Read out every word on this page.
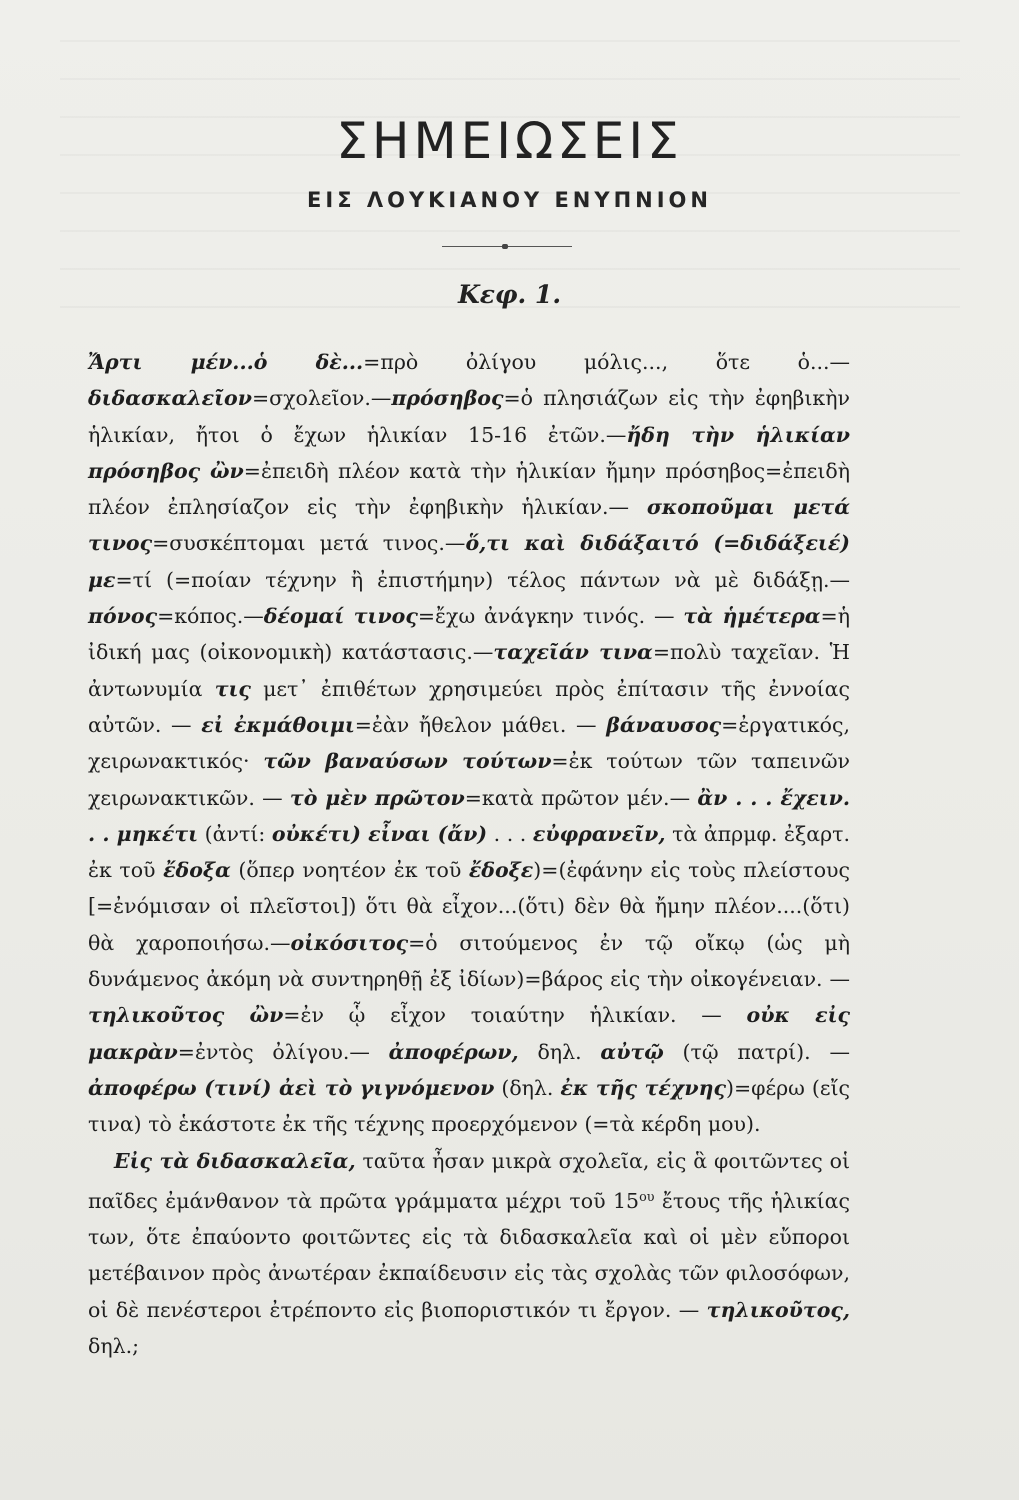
ΣΗΜΕΙΩΣΕΙΣ
ΕΙΣ ΛΟΥΚΙΑΝΟΥ ΕΝΥΠΝΙΟΝ
Κεφ. 1.

Ἄρτι μέν...ὁ δὲ...=πρὸ ὀλίγου μόλις..., ὅτε ὁ...—διδασκαλεῖον=σχολεῖον.—πρόσηβος=ὁ πλησιάζων εἰς τὴν ἐφηβικὴν ἡλικίαν, ἤτοι ὁ ἔχων ἡλικίαν 15-16 ἐτῶν.—ἤδη τὴν ἡλικίαν πρόσηβος ὢν=ἐπειδὴ πλέον κατὰ τὴν ἡλικίαν ἤμην πρόσηβος=ἐπειδὴ πλέον ἐπλησίαζον εἰς τὴν ἐφηβικὴν ἡλικίαν.— σκοποῦμαι μετά τινος=συσκέπτομαι μετά τινος.—ὅ,τι καὶ διδάξαιτό (=διδάξειέ) με=τί (=ποίαν τέχνην ἢ ἐπιστήμην) τέλος πάντων νὰ μὲ διδάξῃ.— πόνος=κόπος.—δέομαί τινος=ἔχω ἀνάγκην τινός. — τὰ ἡμέτερα=ἡ ἰδική μας (οἰκονομικὴ) κατάστασις.—ταχεῖάν τινα=πολὺ ταχεῖαν. Ἡ ἀντωνυμία τις μετ᾽ ἐπιθέτων χρησιμεύει πρὸς ἐπίτασιν τῆς ἐννοίας αὐτῶν. — εἰ ἐκμάθοιμι=ἐὰν ἤθελον μάθει. — βάναυσος=ἐργατικός, χειρωνακτικός· τῶν βαναύσων τούτων=ἐκ τούτων τῶν ταπεινῶν χειρωνακτικῶν. — τὸ μὲν πρῶτον=κατὰ πρῶτον μέν.— ἂν . . . ἔχειν. . . μηκέτι (ἀντί: οὐκέτι) εἶναι (ἄν) . . . εὐφρανεῖν, τὰ ἀπρμφ. ἐξαρτ. ἐκ τοῦ ἔδοξα (ὅπερ νοητέον ἐκ τοῦ ἔδοξε)=(ἐφάνην εἰς τοὺς πλείστους [=ἐνόμισαν οἱ πλεῖστοι]) ὅτι θὰ εἶχον...(ὅτι) δὲν θὰ ἤμην πλέον....(ὅτι) θὰ χαροποιήσω.—οἰκόσιτος=ὁ σιτούμενος ἐν τῷ οἴκῳ (ὡς μὴ δυνάμενος ἀκόμη νὰ συντηρηθῇ ἐξ ἰδίων)=βάρος εἰς τὴν οἰκογένειαν. — τηλικοῦτος ὢν=ἐν ᾧ εἶχον τοιαύτην ἡλικίαν. — οὐκ εἰς μακρὰν=ἐντὸς ὀλίγου.— ἀποφέρων, δηλ. αὐτῷ (τῷ πατρί). — ἀποφέρω (τινί) ἀεὶ τὸ γιγνόμενον (δηλ. ἐκ τῆς τέχνης)=φέρω (εἴς τινα) τὸ ἑκάστοτε ἐκ τῆς τέχνης προερχόμενον (=τὰ κέρδη μου).

Εἰς τὰ διδασκαλεῖα, ταῦτα ἦσαν μικρὰ σχολεῖα, εἰς ἃ φοιτῶντες οἱ παῖδες ἐμάνθανον τὰ πρῶτα γράμματα μέχρι τοῦ $15^{o\upsilon}$ ἔτους τῆς ἡλικίας των, ὅτε ἐπαύοντο φοιτῶντες εἰς τὰ διδασκαλεῖα καὶ οἱ μὲν εὔποροι μετέβαινον πρὸς ἀνωτέραν ἐκπαίδευσιν εἰς τὰς σχολὰς τῶν φιλοσόφων, οἱ δὲ πενέστεροι ἐτρέποντο εἰς βιοποριστικόν τι ἔργον. — τηλικοῦτος, δηλ.;
